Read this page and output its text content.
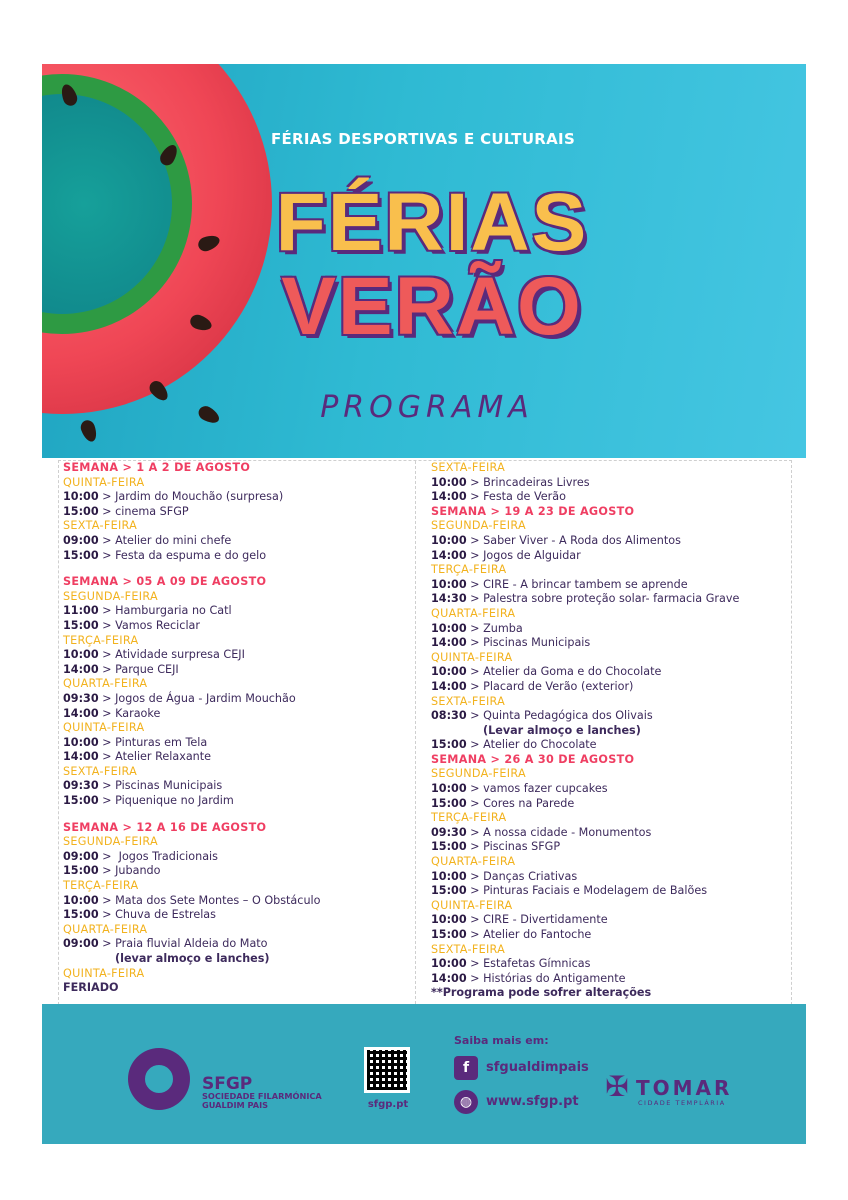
FÉRIAS DESPORTIVAS E CULTURAIS
FÉRIAS
VERÃO
PROGRAMA
SEMANA > 1 A 2 DE AGOSTO
QUINTA-FEIRA
10:00 > Jardim do Mouchão (surpresa)
15:00 > cinema SFGP
SEXTA-FEIRA
09:00 > Atelier do mini chefe
15:00 > Festa da espuma e do gelo
SEMANA > 05 A 09 DE AGOSTO
SEGUNDA-FEIRA
11:00 > Hamburgaria no Catl
15:00 > Vamos Reciclar
TERÇA-FEIRA
10:00 > Atividade surpresa CEJI
14:00 > Parque CEJI
QUARTA-FEIRA
09:30 > Jogos de Água - Jardim Mouchão
14:00 > Karaoke
QUINTA-FEIRA
10:00 > Pinturas em Tela
14:00 > Atelier Relaxante
SEXTA-FEIRA
09:30 > Piscinas Municipais
15:00 > Piquenique no Jardim
SEMANA > 12 A 16 DE AGOSTO
SEGUNDA-FEIRA
09:00 >  Jogos Tradicionais
15:00 > Jubando
TERÇA-FEIRA
10:00 > Mata dos Sete Montes – O Obstáculo
15:00 > Chuva de Estrelas
QUARTA-FEIRA
09:00 > Praia fluvial Aldeia do Mato
(levar almoço e lanches)
QUINTA-FEIRA
FERIADO
SEXTA-FEIRA
10:00 > Brincadeiras Livres
14:00 > Festa de Verão
SEMANA > 19 A 23 DE AGOSTO
SEGUNDA-FEIRA
10:00 > Saber Viver - A Roda dos Alimentos
14:00 > Jogos de Alguidar
TERÇA-FEIRA
10:00 > CIRE - A brincar tambem se aprende
14:30 > Palestra sobre proteção solar- farmacia Grave
QUARTA-FEIRA
10:00 > Zumba
14:00 > Piscinas Municipais
QUINTA-FEIRA
10:00 > Atelier da Goma e do Chocolate
14:00 > Placard de Verão (exterior)
SEXTA-FEIRA
08:30 > Quinta Pedagógica dos Olivais
(Levar almoço e lanches)
15:00 > Atelier do Chocolate
SEMANA > 26 A 30 DE AGOSTO
SEGUNDA-FEIRA
10:00 > vamos fazer cupcakes
15:00 > Cores na Parede
TERÇA-FEIRA
09:30 > A nossa cidade - Monumentos
15:00 > Piscinas SFGP
QUARTA-FEIRA
10:00 > Danças Criativas
15:00 > Pinturas Faciais e Modelagem de Balões
QUINTA-FEIRA
10:00 > CIRE - Divertidamente
15:00 > Atelier do Fantoche
SEXTA-FEIRA
10:00 > Estafetas Gímnicas
14:00 > Histórias do Antigamente
**Programa pode sofrer alterações
SFGP
SOCIEDADE FILARMÓNICA
GUALDIM PAIS	sfgp.pt
Saiba mais em:
f	sfgualdimpais
◍	www.sfgp.pt ✠ TOMAR
CIDADE TEMPLÁRIA
